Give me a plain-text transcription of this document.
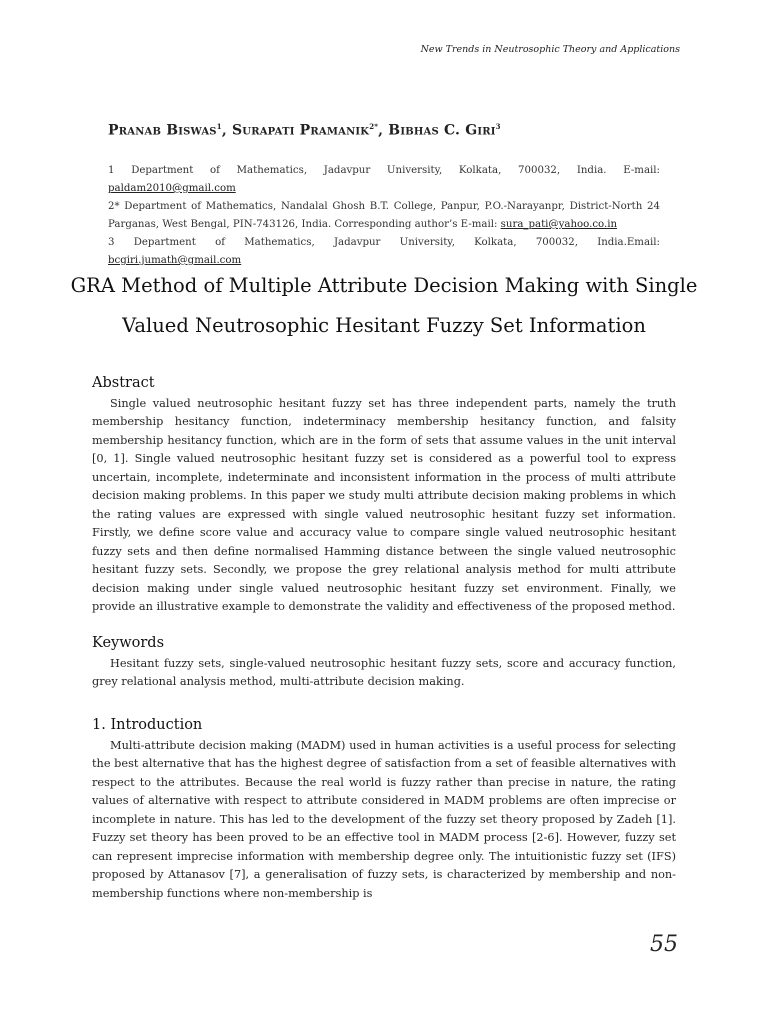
New Trends in Neutrosophic Theory and Applications
Pranab Biswas$^1$, Surapati Pramanik$^{2*}$, Bibhas C. Giri$^3$

1 Department of Mathematics, Jadavpur University, Kolkata, 700032, India. E-mail: paldam2010@gmail.com

2* Department of Mathematics, Nandalal Ghosh B.T. College, Panpur, P.O.-Narayanpr, District-North 24 Parganas, West Bengal, PIN-743126, India. Corresponding author’s E-mail: sura_pati@yahoo.co.in

3 Department of Mathematics, Jadavpur University, Kolkata, 700032, India.Email: bcgiri.jumath@gmail.com

GRA Method of Multiple Attribute Decision Making with Single Valued Neutrosophic Hesitant Fuzzy Set Information
Abstract

Single valued neutrosophic hesitant fuzzy set has three independent parts, namely the truth membership hesitancy function, indeterminacy membership hesitancy function, and falsity membership hesitancy function, which are in the form of sets that assume values in the unit interval [0, 1]. Single valued neutrosophic hesitant fuzzy set is considered as a powerful tool to express uncertain, incomplete, indeterminate and inconsistent information in the process of multi attribute decision making problems. In this paper we study multi attribute decision making problems in which the rating values are expressed with single valued neutrosophic hesitant fuzzy set information. Firstly, we define score value and accuracy value to compare single valued neutrosophic hesitant fuzzy sets and then define normalised Hamming distance between the single valued neutrosophic hesitant fuzzy sets. Secondly, we propose the grey relational analysis method for multi attribute decision making under single valued neutrosophic hesitant fuzzy set environment. Finally, we provide an illustrative example to demonstrate the validity and effectiveness of the proposed method.

Keywords

Hesitant fuzzy sets, single-valued neutrosophic hesitant fuzzy sets, score and accuracy function, grey relational analysis method, multi-attribute decision making.

1. Introduction

Multi-attribute decision making (MADM) used in human activities is a useful process for selecting the best alternative that has the highest degree of satisfaction from a set of feasible alternatives with respect to the attributes. Because the real world is fuzzy rather than precise in nature, the rating values of alternative with respect to attribute considered in MADM problems are often imprecise or incomplete in nature. This has led to the development of the fuzzy set theory proposed by Zadeh [1]. Fuzzy set theory has been proved to be an effective tool in MADM process [2-6]. However, fuzzy set can represent imprecise information with membership degree only. The intuitionistic fuzzy set (IFS) proposed by Attanasov [7], a generalisation of fuzzy sets, is characterized by membership and non-membership functions where non-membership is

55
